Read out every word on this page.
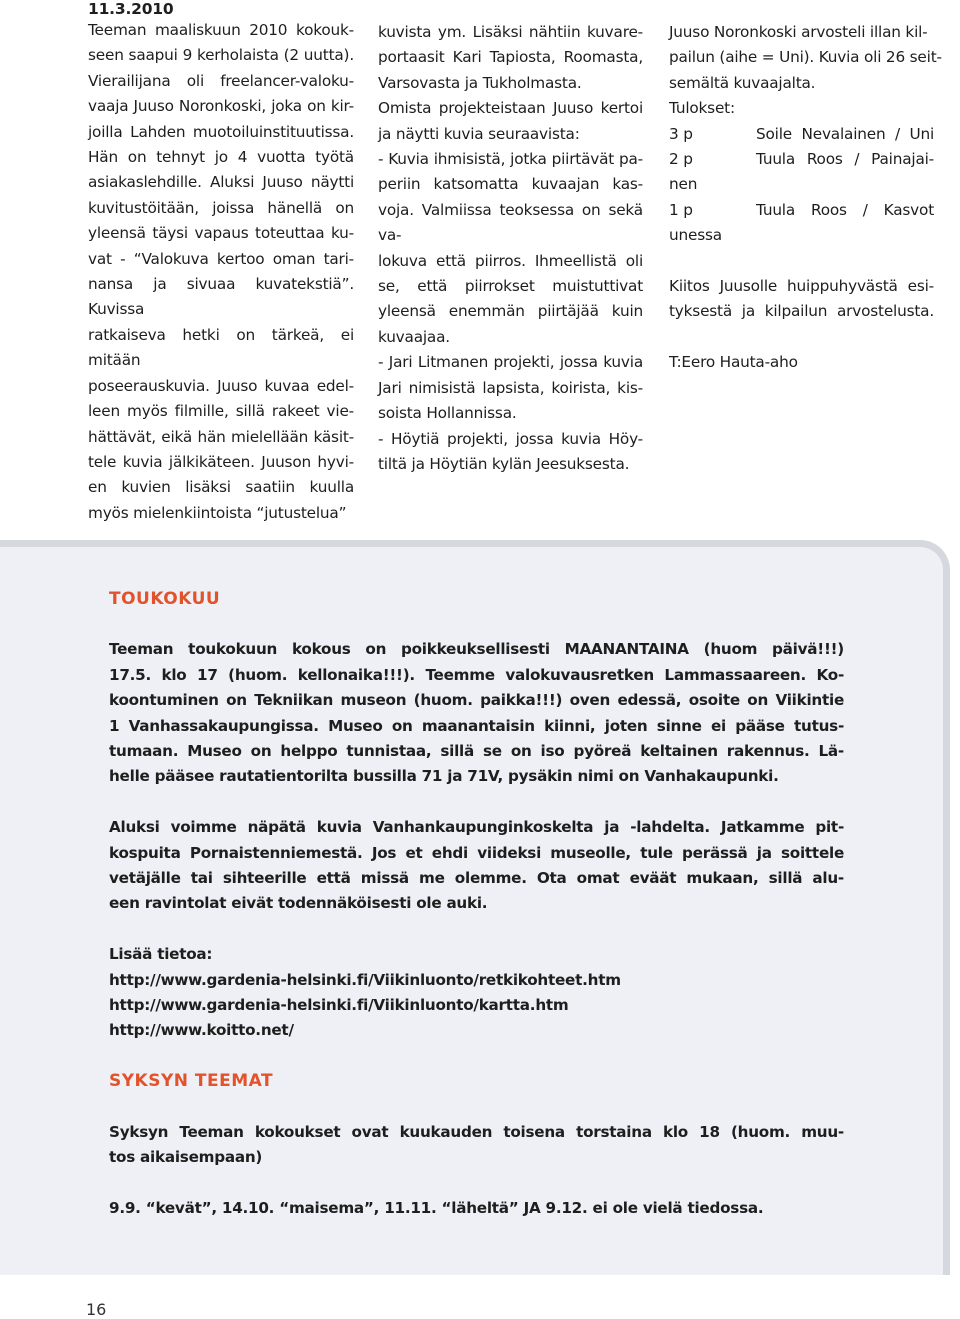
11.3.2010

Teeman maaliskuun 2010 kokouk-

seen saapui 9 kerholaista (2 uutta).

Vierailijana oli freelancer-valoku-

vaaja Juuso Noronkoski, joka on kir-

joilla Lahden muotoiluinstituutissa.

Hän on tehnyt jo 4 vuotta työtä

asiakaslehdille. Aluksi Juuso näytti

kuvitustöitään, joissa hänellä on

yleensä täysi vapaus toteuttaa ku-

vat - “Valokuva kertoo oman tari-

nansa ja sivuaa kuvatekstiä”. Kuvissa

ratkaiseva hetki on tärkeä, ei mitään

poseerauskuvia. Juuso kuvaa edel-

leen myös filmille, sillä rakeet vie-

hättävät, eikä hän mielellään käsit-

tele kuvia jälkikäteen. Juuson hyvi-

en kuvien lisäksi saatiin kuulla

myös mielenkiintoista “jutustelua”

kuvista ym. Lisäksi nähtiin kuvare-

portaasit Kari Tapiosta, Roomasta,

Varsovasta ja Tukholmasta.

Omista projekteistaan Juuso kertoi

ja näytti kuvia seuraavista:

- Kuvia ihmisistä, jotka piirtävät pa-

periin katsomatta kuvaajan kas-

voja. Valmiissa teoksessa on sekä va-

lokuva että piirros. Ihmeellistä oli

se, että piirrokset muistuttivat

yleensä enemmän piirtäjää kuin

kuvaajaa.

- Jari Litmanen projekti, jossa kuvia

Jari nimisistä lapsista, koirista, kis-

soista Hollannissa.

- Höytiä projekti, jossa kuvia Höy-

tiltä ja Höytiän kylän Jeesuksesta.

Juuso Noronkoski arvosteli illan kil-

pailun (aihe = Uni). Kuvia oli 26 seit-

semältä kuvaajalta.

Tulokset:

3 p	Soile Nevalainen / Uni
2 p	Tuula Roos / Painajai-

nen

1 p	Tuula Roos / Kasvot

unessa

Kiitos Juusolle huippuhyvästä esi-

tyksestä ja kilpailun arvostelusta.

T:Eero Hauta-aho

TOUKOKUU

Teeman toukokuun kokous on poikkeuksellisesti MAANANTAINA (huom päivä!!!)

17.5. klo 17 (huom. kellonaika!!!). Teemme valokuvausretken Lammassaareen. Ko-

koontuminen on Tekniikan museon (huom. paikka!!!) oven edessä, osoite on Viikintie

1 Vanhassakaupungissa. Museo on maanantaisin kiinni, joten sinne ei pääse tutus-

tumaan. Museo on helppo tunnistaa, sillä se on iso pyöreä keltainen rakennus. Lä-

helle pääsee rautatientorilta bussilla 71 ja 71V, pysäkin nimi on Vanhakaupunki.

Aluksi voimme näpätä kuvia Vanhankaupunginkoskelta ja -lahdelta. Jatkamme pit-

kospuita Pornaistenniemestä. Jos et ehdi viideksi museolle, tule perässä ja soittele

vetäjälle tai sihteerille että missä me olemme. Ota omat eväät mukaan, sillä alu-

een ravintolat eivät todennäköisesti ole auki.

Lisää tietoa:

http://www.gardenia-helsinki.fi/Viikinluonto/retkikohteet.htm

http://www.gardenia-helsinki.fi/Viikinluonto/kartta.htm

http://www.koitto.net/

SYKSYN TEEMAT

Syksyn Teeman kokoukset ovat kuukauden toisena torstaina klo 18 (huom. muu-

tos aikaisempaan)

9.9. “kevät”, 14.10. “maisema”, 11.11. “läheltä” JA 9.12. ei ole vielä tiedossa.

16
